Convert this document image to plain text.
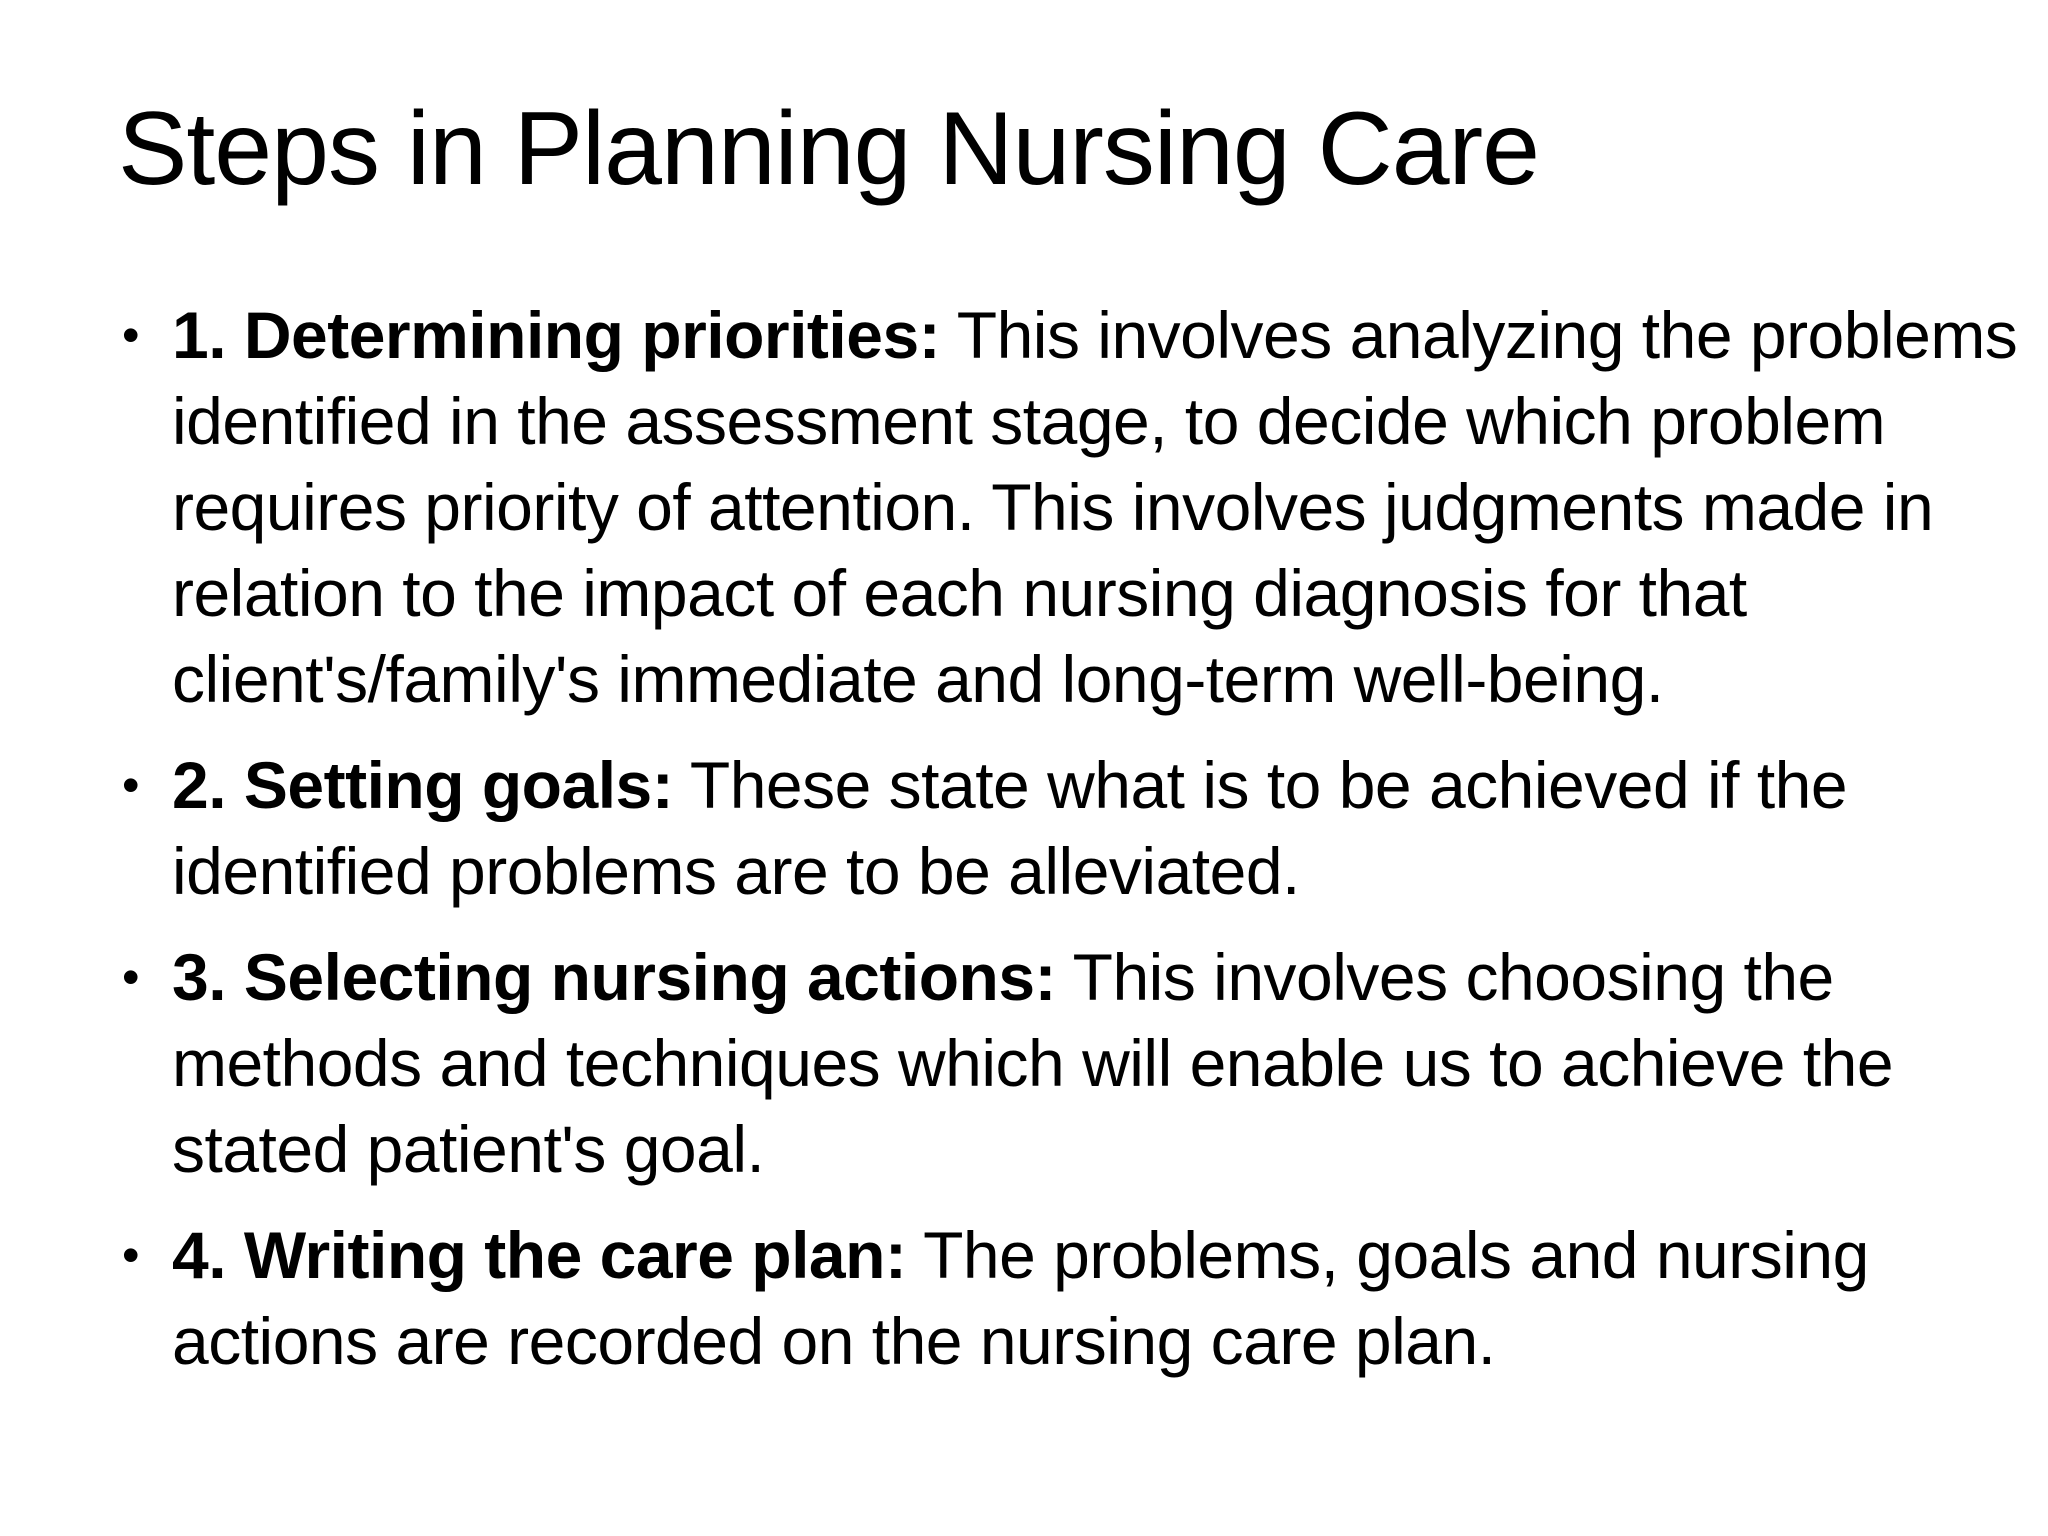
Steps in Planning Nursing Care
• 1. Determining priorities: This involves analyzing the problems identified in the assessment stage, to decide which problem requires priority of attention. This involves judgments made in relation to the impact of each nursing diagnosis for that client's/family's immediate and long-term well-being.
• 2. Setting goals: These state what is to be achieved if the identified problems are to be alleviated.
• 3. Selecting nursing actions: This involves choosing the methods and techniques which will enable us to achieve the stated patient's goal.
• 4. Writing the care plan: The problems, goals and nursing actions are recorded on the nursing care plan.
